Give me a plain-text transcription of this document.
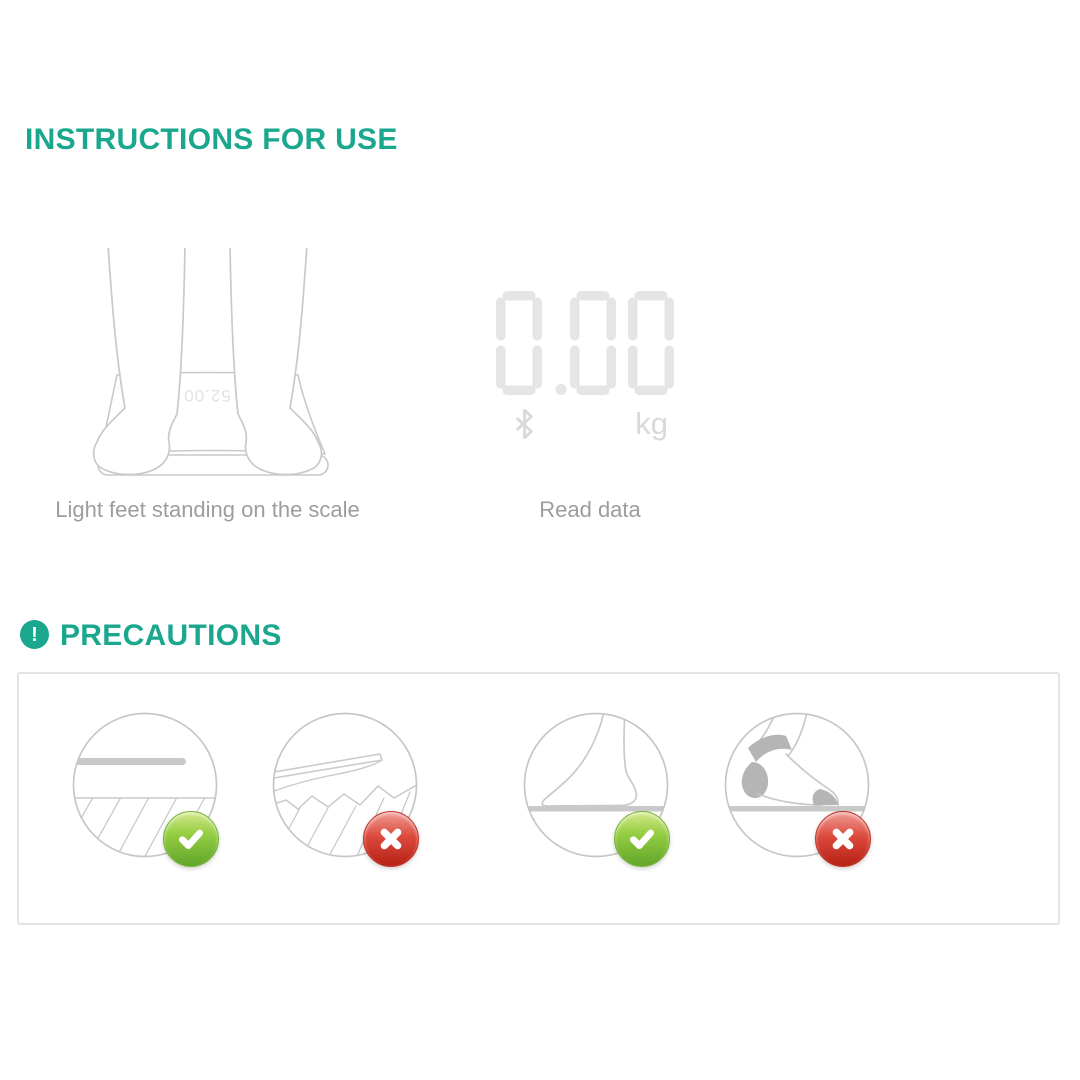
INSTRUCTIONS FOR USE
52.00
kg

Light feet standing on the scale	Read data

! PRECAUTIONS
